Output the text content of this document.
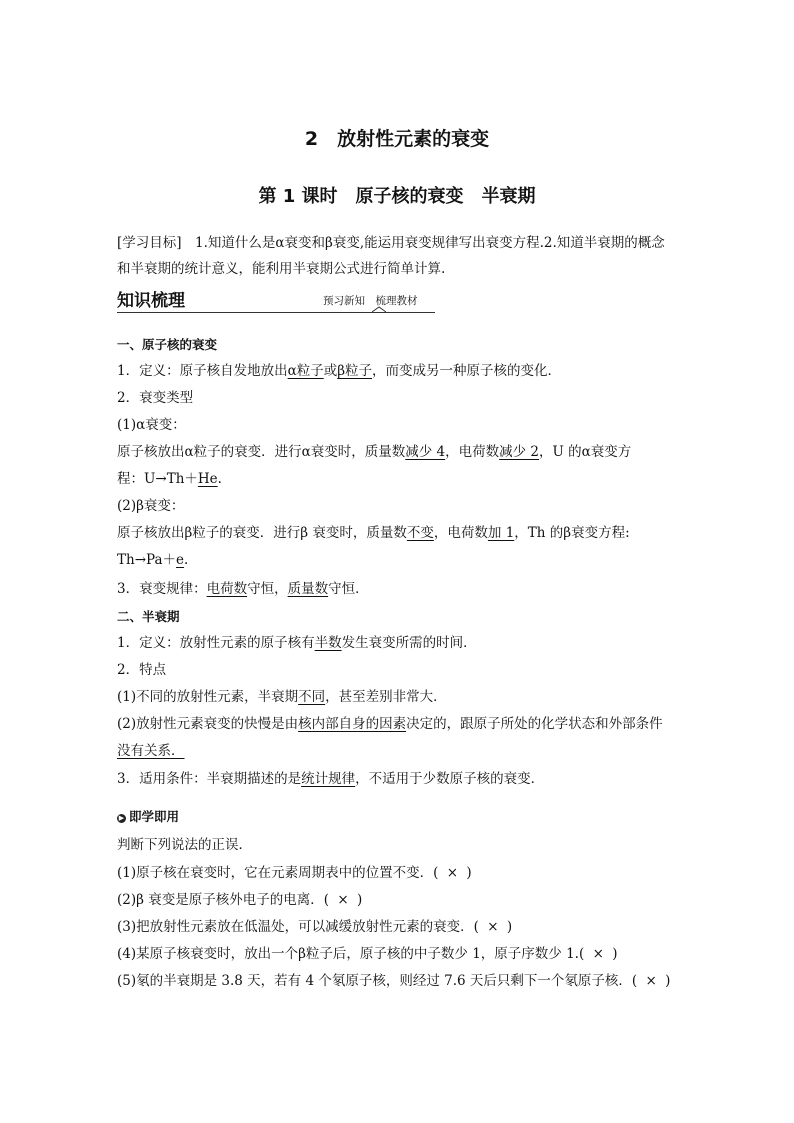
2　放射性元素的衰变
第 1 课时　原子核的衰变　半衰期
[学习目标]　 1.知道什么是α衰变和β衰变,能运用衰变规律写出衰变方程.2.知道半衰期的概念和半衰期的统计意义，能利用半衰期公式进行简单计算.
知识梳理	预习新知　梳理教材
一、原子核的衰变
1．定义：原子核自发地放出α粒子或β粒子，而变成另一种原子核的变化．
2．衰变类型
(1)α衰变：
原子核放出α粒子的衰变．进行α衰变时，质量数减少 4，电荷数减少 2，U 的α衰变方
程：U→Th＋He.
(2)β衰变：
原子核放出β粒子的衰变．进行β 衰变时，质量数不变，电荷数加 1，Th 的β衰变方程:
Th→Pa＋e.
3．衰变规律：电荷数守恒，质量数守恒．
二、半衰期
1．定义：放射性元素的原子核有半数发生衰变所需的时间．
2．特点
(1)不同的放射性元素，半衰期不同，甚至差别非常大．
(2)放射性元素衰变的快慢是由核内部自身的因素决定的，跟原子所处的化学状态和外部条件
没有关系．
3．适用条件：半衰期描述的是统计规律，不适用于少数原子核的衰变．
▶ 即学即用
判断下列说法的正误．
(1)原子核在衰变时，它在元素周期表中的位置不变．( × )
(2)β 衰变是原子核外电子的电离．( × )
(3)把放射性元素放在低温处，可以减缓放射性元素的衰变．( × )
(4)某原子核衰变时，放出一个β粒子后，原子核的中子数少 1，原子序数少 1.( × )
(5)氡的半衰期是 3.8 天，若有 4 个氡原子核，则经过 7.6 天后只剩下一个氡原子核．( × )
